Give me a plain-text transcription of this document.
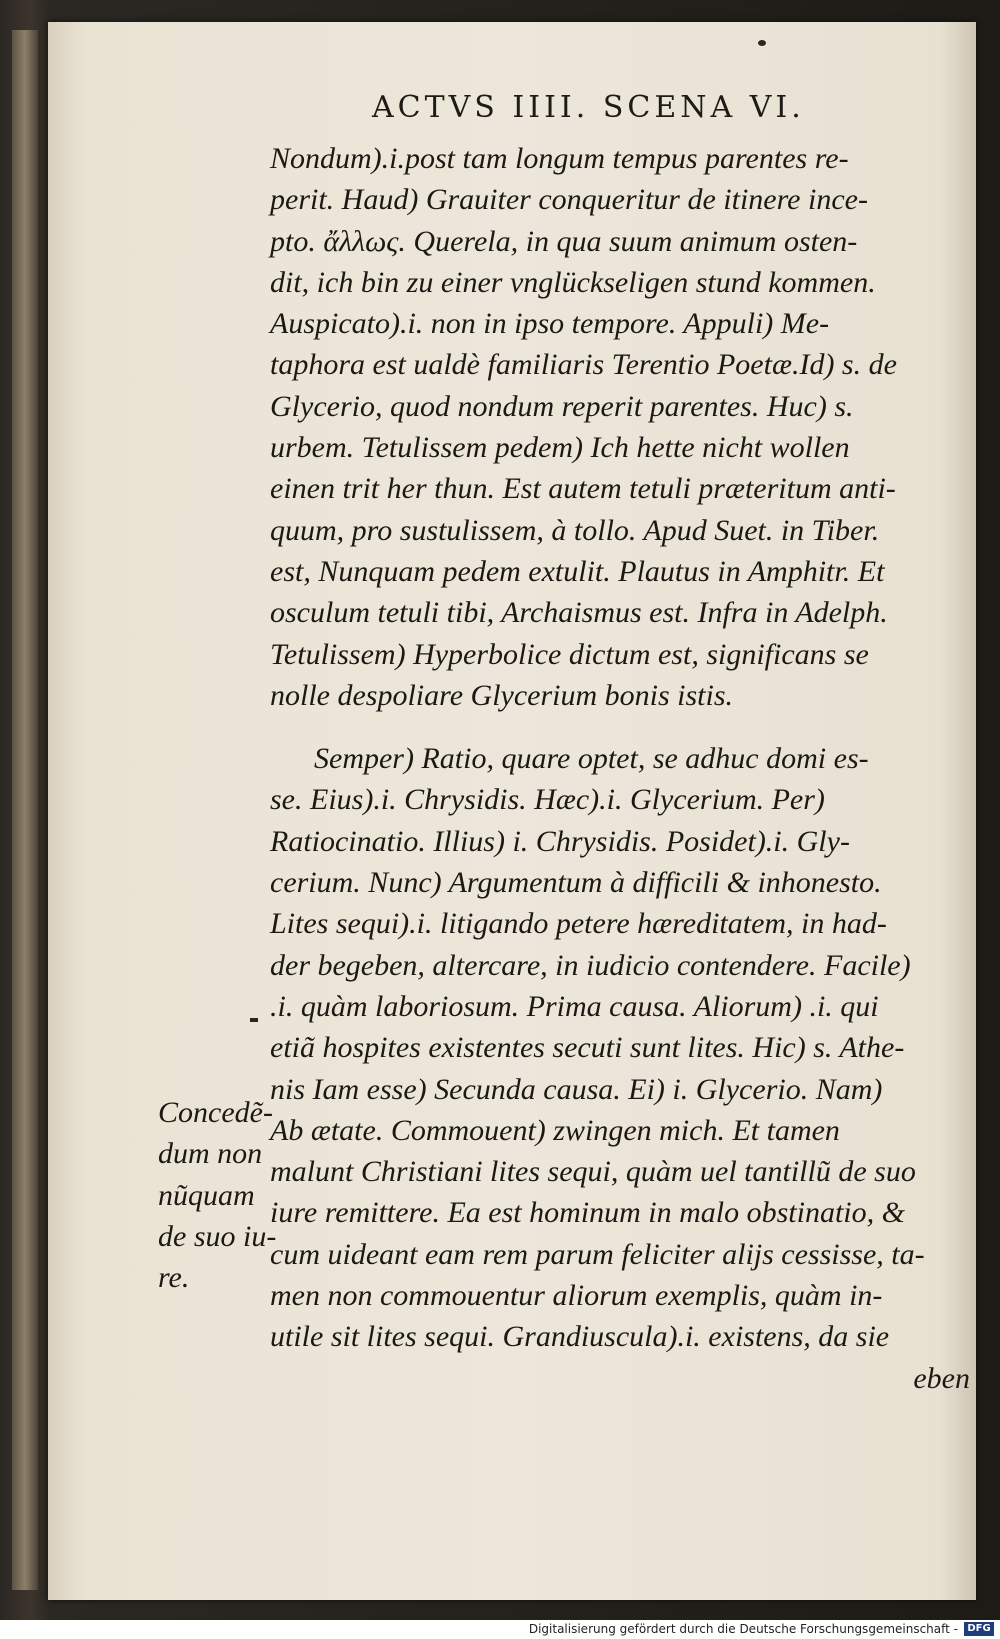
ACTVS IIII. SCENA VI.
Nondum).i.post tam longum tempus parentes re-
perit. Haud) Grauiter conqueritur de itinere ince-
pto. ἄλλως. Querela, in qua suum animum osten-
dit, ich bin zu einer vnglückseligen stund kommen.
Auspicato).i. non in ipso tempore. Appuli) Me-
taphora est ualdè familiaris Terentio Poetæ.Id) s. de
Glycerio, quod nondum reperit parentes. Huc) s.
urbem. Tetulissem pedem) Ich hette nicht wollen
einen trit her thun. Est autem tetuli præteritum anti-
quum, pro sustulissem, à tollo. Apud Suet. in Tiber.
est, Nunquam pedem extulit. Plautus in Amphitr. Et
osculum tetuli tibi, Archaismus est. Infra in Adelph.
Tetulissem) Hyperbolice dictum est, significans se
nolle despoliare Glycerium bonis istis.
Semper) Ratio, quare optet, se adhuc domi es-
se. Eius).i. Chrysidis. Hæc).i. Glycerium. Per)
Ratiocinatio. Illius) i. Chrysidis. Posidet).i. Gly-
cerium. Nunc) Argumentum à difficili & inhonesto.
Lites sequi).i. litigando petere hæreditatem, in had-
der begeben, altercare, in iudicio contendere. Facile)
.i. quàm laboriosum. Prima causa. Aliorum) .i. qui
etiã hospites existentes secuti sunt lites. Hic) s. Athe-
nis Iam esse) Secunda causa. Ei) i. Glycerio. Nam)
Ab ætate. Commouent) zwingen mich. Et tamen
malunt Christiani lites sequi, quàm uel tantillũ de suo
iure remittere. Ea est hominum in malo obstinatio, &
cum uideant eam rem parum feliciter alijs cessisse, ta-
men non commouentur aliorum exemplis, quàm in-
utile sit lites sequi. Grandiuscula).i. existens, da sie
eben
Concedẽ-
dum non
nũquam
de suo iu-
re.
Digitalisierung gefördert durch die Deutsche Forschungsgemeinschaft - DFG
